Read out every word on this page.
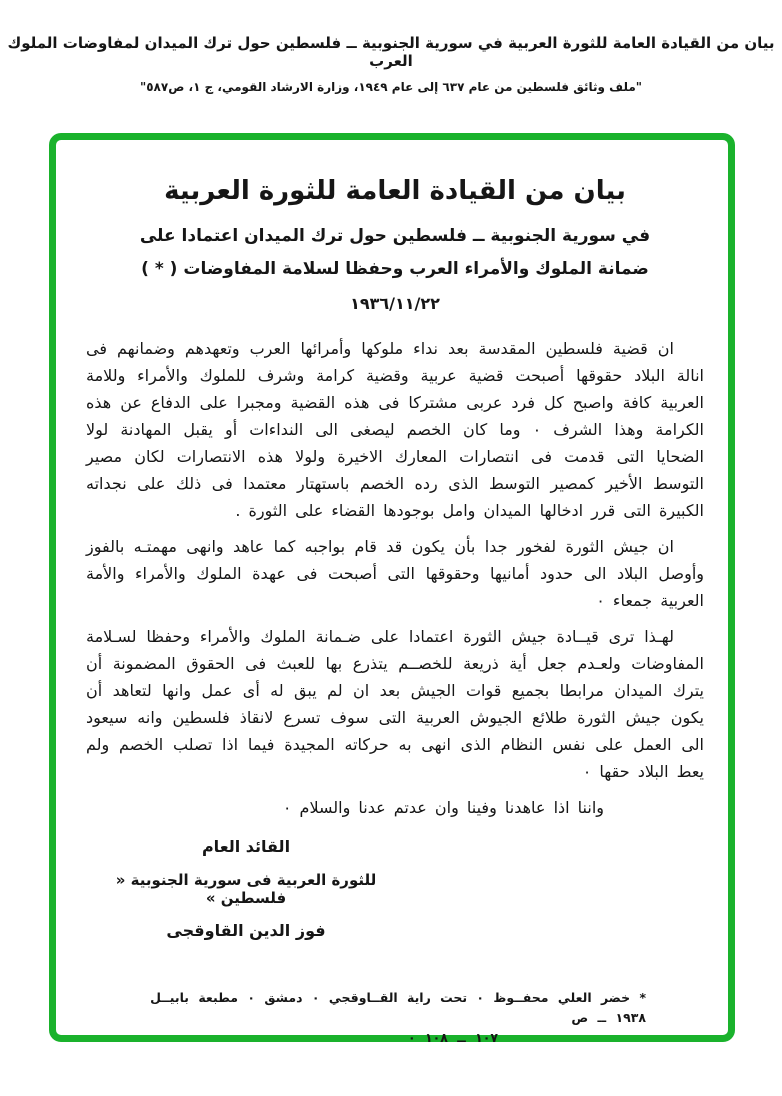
بيان من القيادة العامة للثورة العربية في سورية الجنوبية ــ فلسطين حول ترك الميدان لمفاوضات الملوك العرب
"ملف وثائق فلسطين من عام ٦٣٧ إلى عام ١٩٤٩، وزارة الارشاد القومي، ج ١، ص٥٨٧"
بيان من القيادة العامة للثورة العربية
في سورية الجنوبية ــ فلسطين حول ترك الميدان اعتمادا على
ضمانة الملوك والأمراء العرب وحفظا لسلامة المفاوضات ( * )
١٩٣٦/١١/٢٢

ان قضية فلسطين المقدسة بعد نداء ملوكها وأمرائها العرب وتعهدهم وضمانهم فى انالة البلاد حقوقها أصبحت قضية عربية وقضية كرامة وشرف للملوك والأمراء وللامة العربية كافة واصبح كل فرد عربى مشتركا فى هذه القضية ومجبرا على الدفاع عن هذه الكرامة وهذا الشرف ٠ وما كان الخصم ليصغى الى النداءات أو يقبل المهادنة لولا الضحايا التى قدمت فى انتصارات المعارك الاخيرة ولولا هذه الانتصارات لكان مصير التوسط الأخير كمصير التوسط الذى رده الخصم باستهتار معتمدا فى ذلك على نجداته الكبيرة التى قرر ادخالها الميدان وامل بوجودها القضاء على الثورة .

ان جيش الثورة لفخور جدا بأن يكون قد قام بواجبه كما عاهد وانهى مهمتـه بالفوز وأوصل البلاد الى حدود أمانيها وحقوقها التى أصبحت فى عهدة الملوك والأمراء والأمة العربية جمعاء ٠

لهـذا ترى قيــادة جيش الثورة اعتمادا على ضـمانة الملوك والأمراء وحفظا لسـلامة المفاوضات ولعـدم جعل أية ذريعة للخصــم يتذرع بها للعبث فى الحقوق المضمونة أن يترك الميدان مرابطا بجميع قوات الجيش بعد ان لم يبق له أى عمل وانها لتعاهد أن يكون جيش الثورة طلائع الجيوش العربية التى سوف تسرع لانقاذ فلسطين وانه سيعود الى العمل على نفس النظام الذى انهى به حركاته المجيدة فيما اذا تصلب الخصم ولم يعط البلاد حقها ٠

واننا اذا عاهدنا وفينا وان عدتم عدنا والسلام ٠

القائد العام
للثورة العربية فى سورية الجنوبية « فلسطين »
فوز الدين القاوقجى
* خضر العلي محفــوظ ٠ تحت راية القــاوقجي ٠ دمشق ٠ مطبعة بابيــل ١٩٣٨ ــ ص
١٠٧ ــ ١٠٨ ٠
